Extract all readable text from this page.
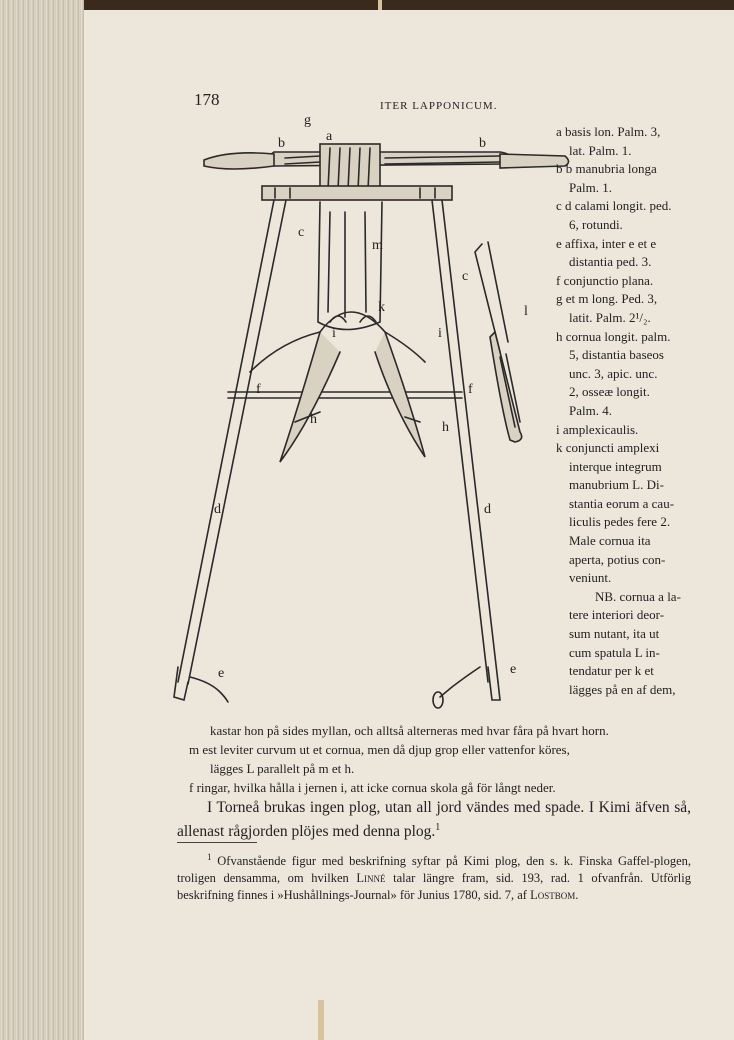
178	ITER LAPPONICUM.
a
g
b	b
c
c
m
l
k
i	i
f	f
h
h
d	d
e	e

a basis lon. Palm. 3,

lat. Palm. 1.

b b manubria longa

Palm. 1.

c d calami longit. ped.

6, rotundi.

e affixa, inter e et e

distantia ped. 3.

f conjunctio plana.

g et m long. Ped. 3,

latit. Palm. 2¹/₂.

h cornua longit. palm.

5, distantia baseos

unc. 3, apic. unc.

2, osseæ longit.

Palm. 4.

i amplexicaulis.

k conjuncti amplexi

interque integrum

manubrium L. Di-

stantia eorum a cau-

liculis pedes fere 2.

Male cornua ita

aperta, potius con-

veniunt.

NB. cornua a la-

tere interiori deor-

sum nutant, ita ut

cum spatula L in-

tendatur per k et

lägges på en af dem,

kastar hon på sides myllan, och alltså alterneras med hvar fåra på hvart horn.
m est leviter curvum ut et cornua, men då djup grop eller vattenfor köres,
lägges L parallelt på m et h.
f ringar, hvilka hålla i jernen i, att icke cornua skola gå för långt neder.
I Torneå brukas ingen plog, utan all jord vändes med spade. I Kimi äfven så, allenast rågjorden plöjes med denna plog.$^1$
$^1$ Ofvanstående figur med beskrifning syftar på Kimi plog, den s. k. Finska Gaffel-plogen, troligen densamma, om hvilken Linné talar längre fram, sid. 193, rad. 1 ofvanfrån. Utförlig beskrifning finnes i »Hushållnings-Journal» för Junius 1780, sid. 7, af Lostbom.
